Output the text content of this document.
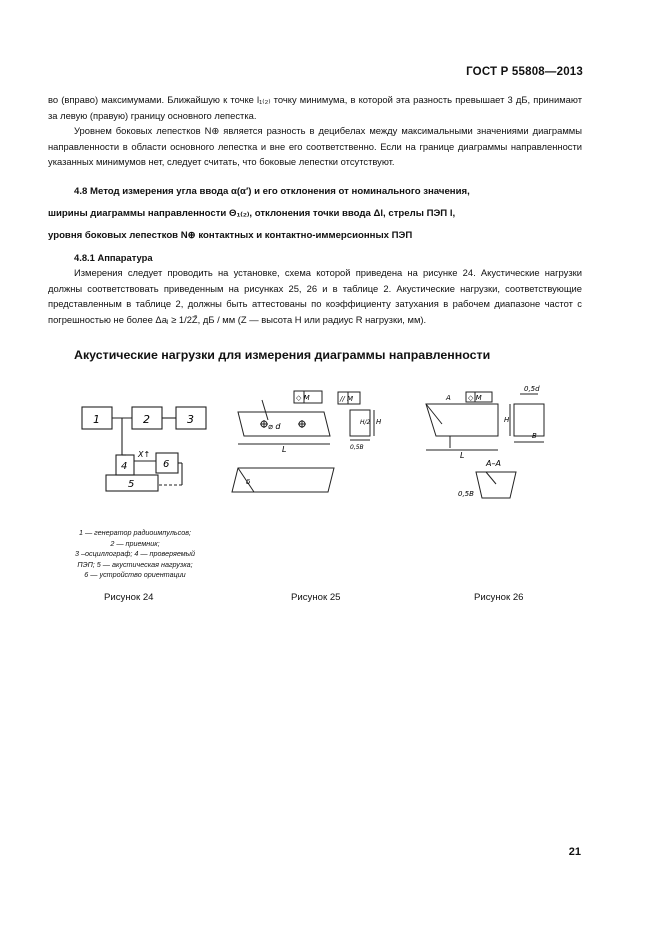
ГОСТ Р 55808—2013

во (вправо) максимумами. Ближайшую к точке l₁₍₂₎ точку минимума, в которой эта разность превышает 3 дБ, принимают за левую (правую) границу основного лепестка.

Уровнем боковых лепестков N⊕ является разность в децибелах между максимальными значениями диаграммы направленности в области основного лепестка и вне его соответственно. Если на границе диаграммы направленности указанных минимумов нет, следует считать, что боковые лепестки отсутствуют.

4.8 Метод измерения угла ввода α(α′) и его отклонения от номинального значения,
ширины диаграммы направленности Θ₁₍₂₎, отклонения точки ввода Δl, стрелы ПЭП l,
уровня боковых лепестков N⊕ контактных и контактно-иммерсионных ПЭП
4.8.1 Аппаратура

Измерения следует проводить на установке, схема которой приведена на рисунке 24. Акустические нагрузки должны соответствовать приведенным на рисунках 25, 26 и в таблице 2. Акустические нагрузки, соответствующие представленным в таблице 2, должны быть аттестованы по коэффициенту затухания в рабочем диапазоне частот с погрешностью не более Δaⱼ ≥ 1/2Z̄, дБ / мм (Z — высота H или радиус R нагрузки, мм).

Акустические нагрузки для измерения диаграммы направленности
1	2	3
4
5
6
X↑
1 — генератор радиоимпульсов;
2 — приемник;
3 –осциллограф; 4 — проверяемый
ПЭП; 5 — акустическая нагрузка;
6 — устройство ориентации
⌀ d
◇ M	// M
L
H
H/2
0,5В
δ
◇ M
0,5d
L
H
B
A–A
0,5B
A
Рисунок 24	Рисунок 25	Рисунок 26
21
